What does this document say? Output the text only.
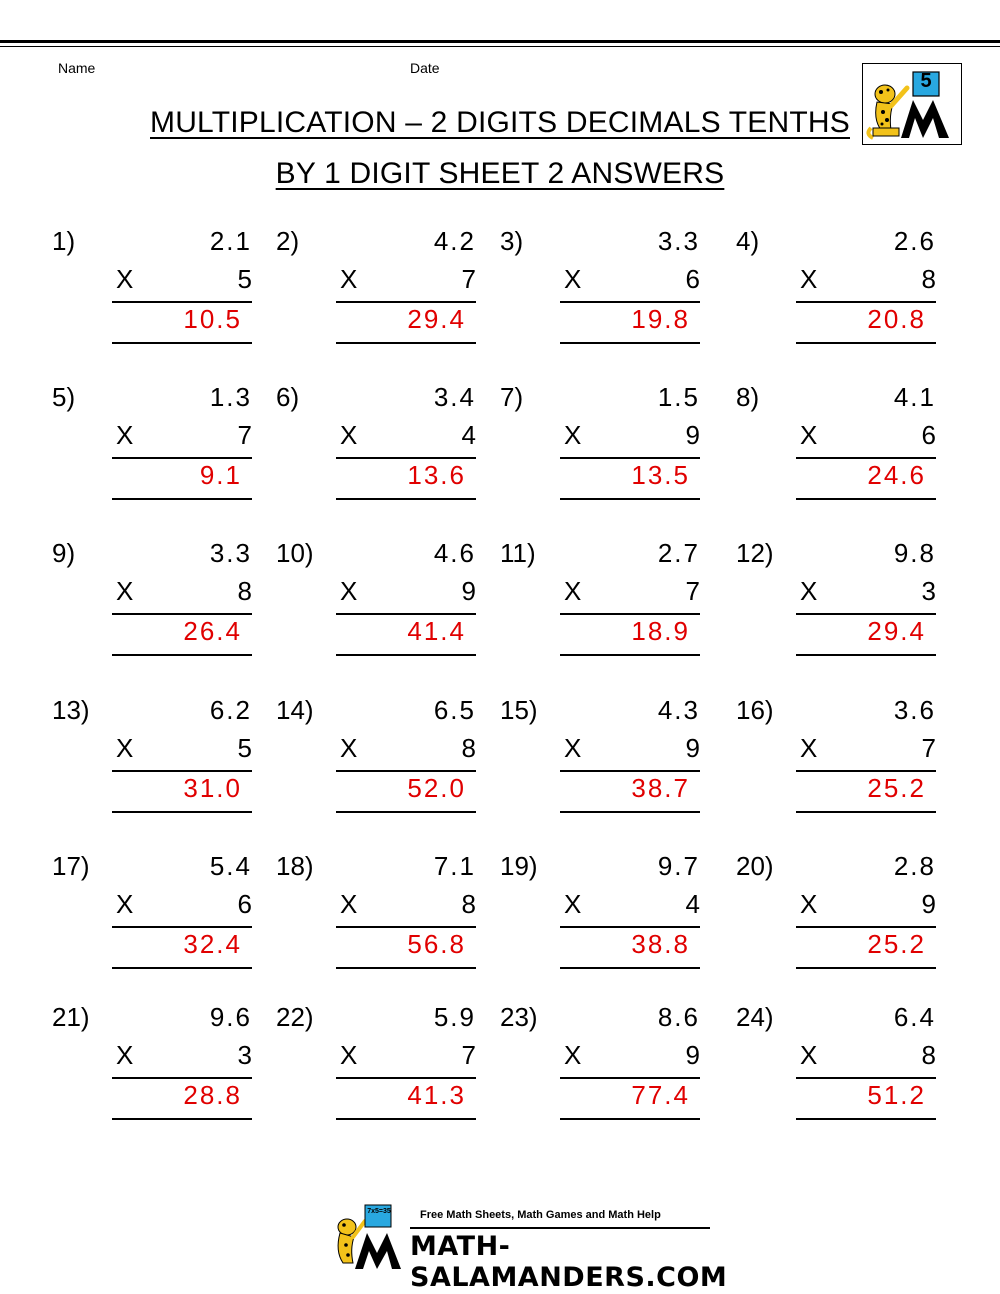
Name	Date
MULTIPLICATION – 2 DIGITS DECIMALS TENTHS
BY 1 DIGIT SHEET 2 ANSWERS
5
1)	2.1
X	5
10.5
2)	4.2
X	7
29.4
3)	3.3
X	6
19.8
4)	2.6
X	8
20.8
5)	1.3
X	7
9.1
6)	3.4
X	4
13.6
7)	1.5
X	9
13.5
8)	4.1
X	6
24.6
9)	3.3
X	8
26.4
10)	4.6
X	9
41.4
11)	2.7
X	7
18.9
12)	9.8
X	3
29.4
13)	6.2
X	5
31.0
14)	6.5
X	8
52.0
15)	4.3
X	9
38.7
16)	3.6
X	7
25.2
17)	5.4
X	6
32.4
18)	7.1
X	8
56.8
19)	9.7
X	4
38.8
20)	2.8
X	9
25.2
21)	9.6
X	3
28.8
22)	5.9
X	7
41.3
23)	8.6
X	9
77.4
24)	6.4
X	8
51.2
7x5=35	Free Math Sheets, Math Games and Math Help
MATH-SALAMANDERS.COM
